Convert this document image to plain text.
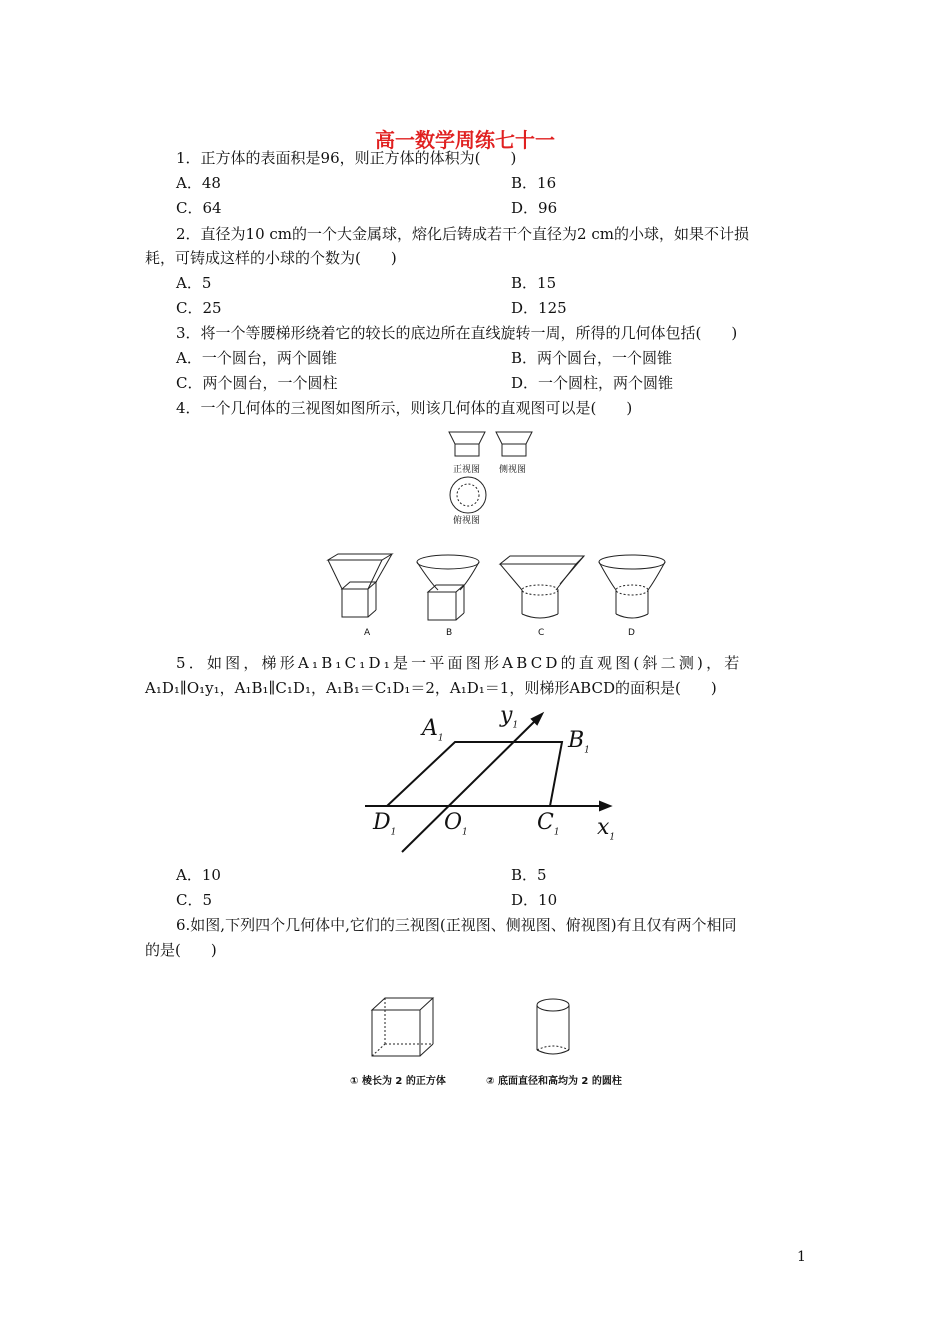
高一数学周练七十一
1．正方体的表面积是96，则正方体的体积为(　　)
A．48	B．16
C．64	D．96
2．直径为10 cm的一个大金属球，熔化后铸成若干个直径为2 cm的小球，如果不计损
耗，可铸成这样的小球的个数为(　　)
A．5	B．15
C．25	D．125
3．将一个等腰梯形绕着它的较长的底边所在直线旋转一周，所得的几何体包括(　　)
A．一个圆台，两个圆锥	B．两个圆台，一个圆锥
C．两个圆台，一个圆柱	D．一个圆柱，两个圆锥
4．一个几何体的三视图如图所示，则该几何体的直观图可以是(　　)
正视图 侧视图
俯视图
A	B	C	D
5．如图，梯形A₁B₁C₁D₁是一平面图形ABCD的直观图(斜二测)，若
A₁D₁∥O₁y₁，A₁B₁∥C₁D₁，A₁B₁＝C₁D₁＝2，A₁D₁＝1，则梯形ABCD的面积是(　　)
$A_1$	$B_1$
$y_1$
$D_1$ $O_1$	$C_1$ $x_1$
A．10	B．5
C．5	D．10
6.如图,下列四个几何体中,它们的三视图(正视图、侧视图、俯视图)有且仅有两个相同
的是(　　)
① 棱长为 2 的正方体	② 底面直径和高均为 2 的圆柱
1
